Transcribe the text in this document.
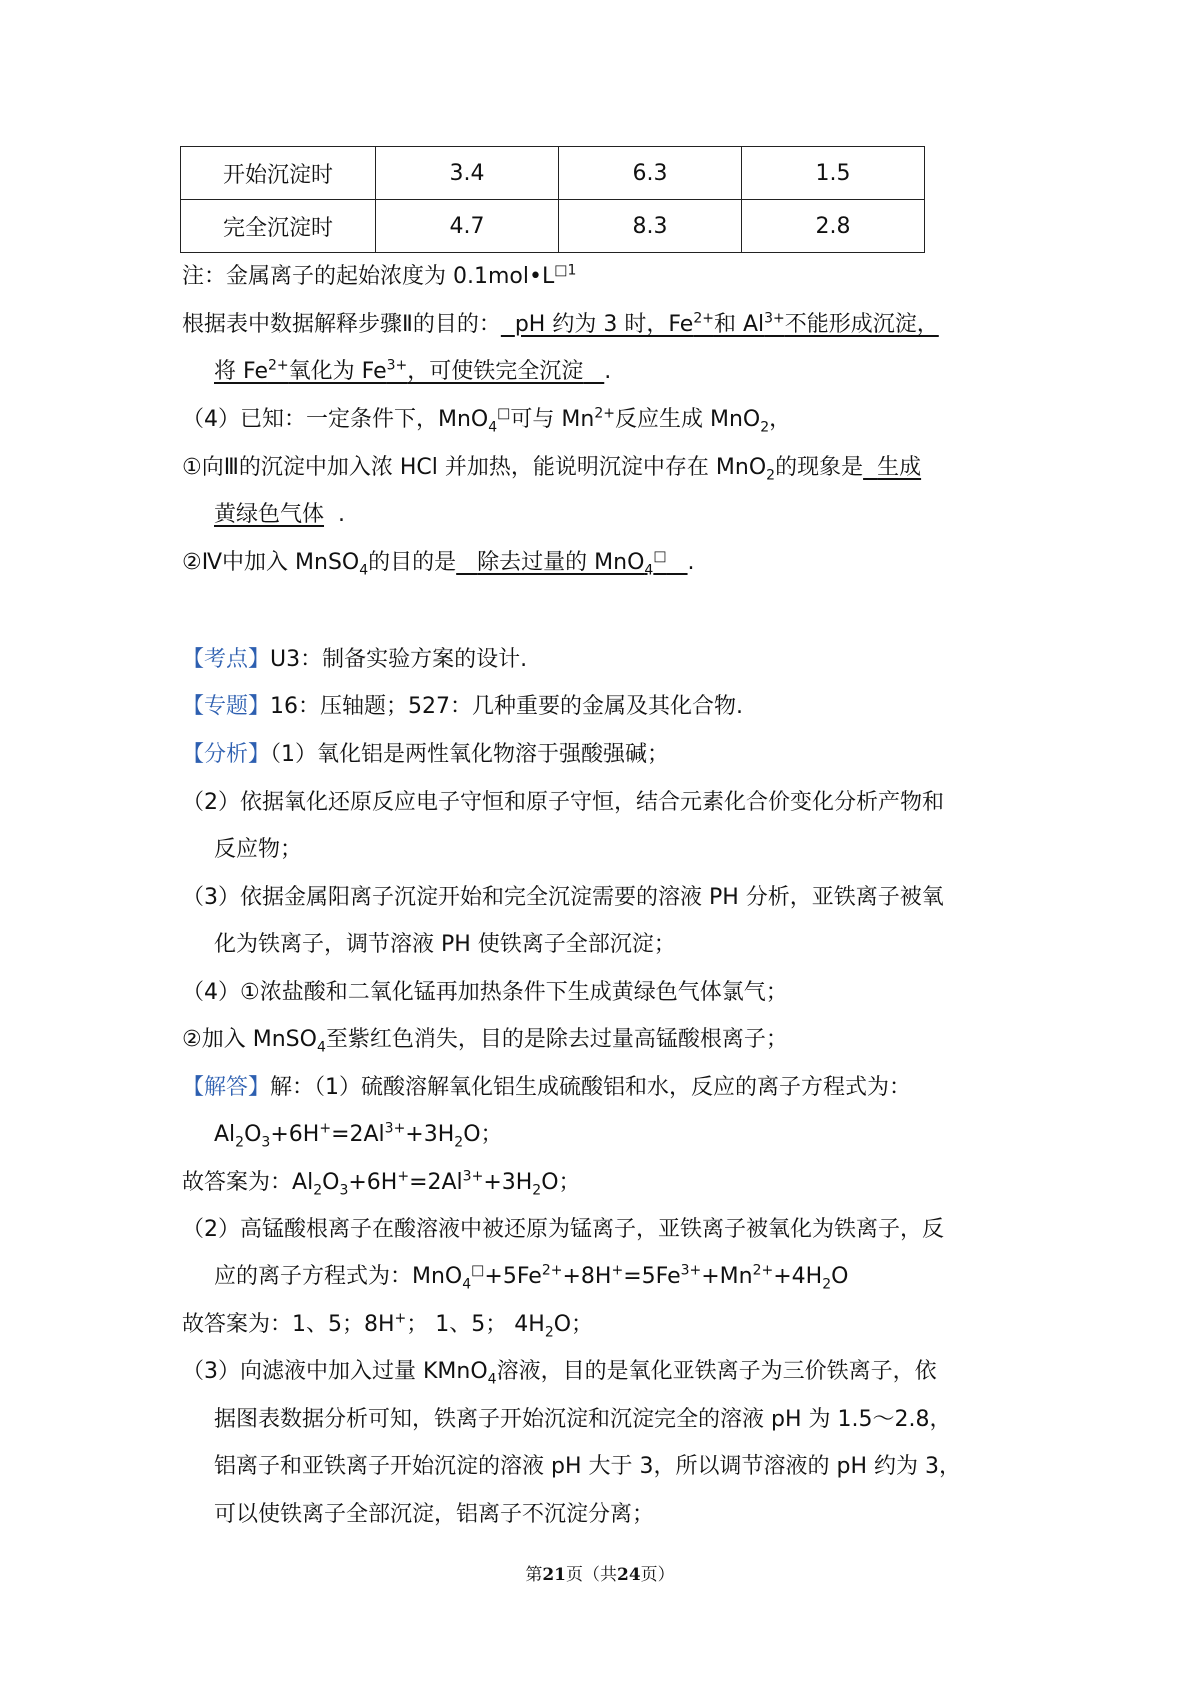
开始沉淀时	3.4	6.3	1.5
完全沉淀时	4.7	8.3	2.8
注：金属离子的起始浓度为 $0.1mol•L^{□1}$
根据表中数据解释步骤Ⅱ的目的： pH 约为 3 时，$Fe^{2+}$和 $Al^{3+}$不能形成沉淀，
将 $Fe^{2+}$氧化为 $Fe^{3+}$，可使铁完全沉淀 .
（4）已知：一定条件下，MnO$_4$□可与 $Mn^{2+}$反应生成 MnO$_2$，
①向Ⅲ的沉淀中加入浓 HCl 并加热，能说明沉淀中存在 MnO$_2$的现象是 生成
黄绿色气体 .
②Ⅳ中加入 MnSO$_4$的目的是 除去过量的 MnO$_4$□ .
【考点】U3：制备实验方案的设计.
【专题】16：压轴题；527：几种重要的金属及其化合物.
【分析】（1）氧化铝是两性氧化物溶于强酸强碱；
（2）依据氧化还原反应电子守恒和原子守恒，结合元素化合价变化分析产物和
反应物；
（3）依据金属阳离子沉淀开始和完全沉淀需要的溶液 PH 分析，亚铁离子被氧
化为铁离子，调节溶液 PH 使铁离子全部沉淀；
（4）①浓盐酸和二氧化锰再加热条件下生成黄绿色气体氯气；
②加入 MnSO$_4$至紫红色消失，目的是除去过量高锰酸根离子；
【解答】解：（1）硫酸溶解氧化铝生成硫酸铝和水，反应的离子方程式为：
$Al_2O_3+6H^+=2Al^{3+}+3H_2O$；
故答案为：$Al_2O_3+6H^+=2Al^{3+}+3H_2O$；
（2）高锰酸根离子在酸溶液中被还原为锰离子，亚铁离子被氧化为铁离子，反
应的离子方程式为：$MnO_4^□+5Fe^{2+}+8H^+=5Fe^{3+}+Mn^{2+}+4H_2O$
故答案为：1、5；8H+； 1、5； $4H_2O$；
（3）向滤液中加入过量 KMnO$_4$溶液，目的是氧化亚铁离子为三价铁离子，依
据图表数据分析可知，铁离子开始沉淀和沉淀完全的溶液 pH 为 1.5～2.8，
铝离子和亚铁离子开始沉淀的溶液 pH 大于 3，所以调节溶液的 pH 约为 3，
可以使铁离子全部沉淀，铝离子不沉淀分离；
第21页（共24页）
